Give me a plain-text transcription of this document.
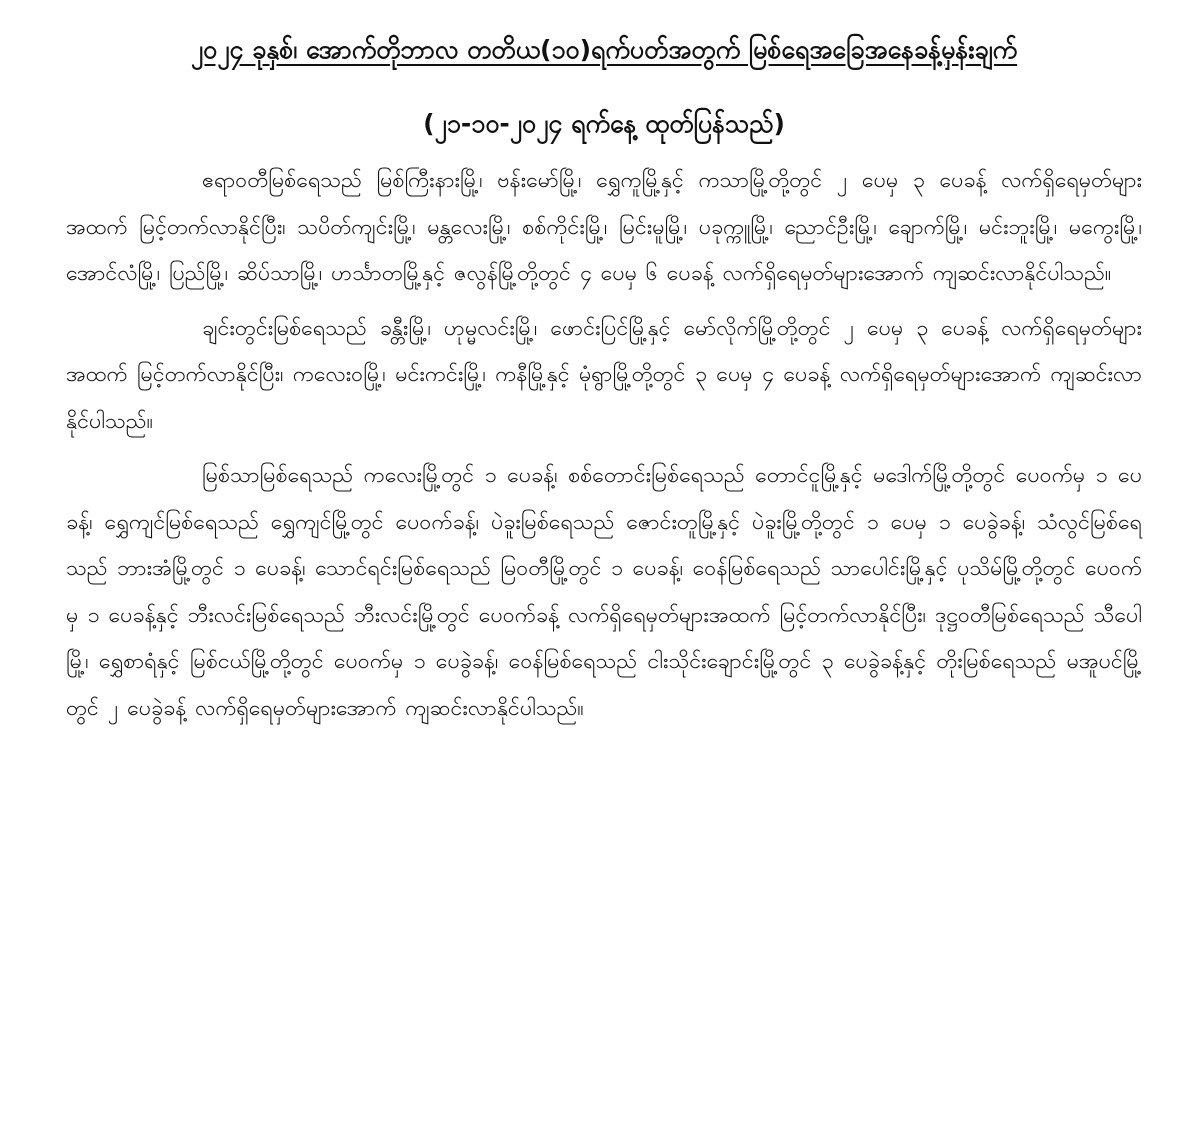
၂၀၂၄ ခုနှစ်၊ အောက်တိုဘာလ တတိယ(၁၀)ရက်ပတ်အတွက် မြစ်ရေအခြေအနေခန့်မှန်းချက်
(၂၁-၁၀-၂၀၂၄ ရက်နေ့ ထုတ်ပြန်သည်)

ဧရာဝတီမြစ်ရေသည် မြစ်ကြီးနားမြို့၊ ဗန်းမော်မြို့၊ ရွှေကူမြို့နှင့် ကသာမြို့တို့တွင် ၂ ပေမှ ၃ ပေခန့် လက်ရှိရေမှတ်များအထက် မြင့်တက်လာနိုင်ပြီး၊ သပိတ်ကျင်းမြို့၊ မန္တလေးမြို့၊ စစ်ကိုင်းမြို့၊ မြင်းမူမြို့၊ ပခုက္ကူမြို့၊ ညောင်ဦးမြို့၊ ချောက်မြို့၊ မင်းဘူးမြို့၊ မကွေးမြို့၊ အောင်လံမြို့၊ ပြည်မြို့၊ ဆိပ်သာမြို့၊ ဟင်္သာတမြို့နှင့် ဇလွန်မြို့တို့တွင် ၄ ပေမှ ၆ ပေခန့် လက်ရှိရေမှတ်များအောက် ကျဆင်းလာနိုင်ပါသည်။

ချင်းတွင်းမြစ်ရေသည် ခန္တီးမြို့၊ ဟုမ္မလင်းမြို့၊ ဖောင်းပြင်မြို့နှင့် မော်လိုက်မြို့တို့တွင် ၂ ပေမှ ၃ ပေခန့် လက်ရှိရေမှတ်များအထက် မြင့်တက်လာနိုင်ပြီး၊ ကလေးဝမြို့၊ မင်းကင်းမြို့၊ ကနီမြို့နှင့် မုံရွာမြို့တို့တွင် ၃ ပေမှ ၄ ပေခန့် လက်ရှိရေမှတ်များအောက် ကျဆင်းလာနိုင်ပါသည်။

မြစ်သာမြစ်ရေသည် ကလေးမြို့တွင် ၁ ပေခန့်၊ စစ်တောင်းမြစ်ရေသည် တောင်ငူမြို့နှင့် မဒေါက်မြို့တို့တွင် ပေဝက်မှ ၁ ပေခန့်၊ ရွှေကျင်မြစ်ရေသည် ရွှေကျင်မြို့တွင် ပေဝက်ခန့်၊ ပဲခူးမြစ်ရေသည် ဇောင်းတူမြို့နှင့် ပဲခူးမြို့တို့တွင် ၁ ပေမှ ၁ ပေခွဲခန့်၊ သံလွင်မြစ်ရေသည် ဘားအံမြို့တွင် ၁ ပေခန့်၊ သောင်ရင်းမြစ်ရေသည် မြဝတီမြို့တွင် ၁ ပေခန့်၊ ဝေန်မြစ်ရေသည် သာပေါင်းမြို့နှင့် ပုသိမ်မြို့တို့တွင် ပေဝက်မှ ၁ ပေခန့်နှင့် ဘီးလင်းမြစ်ရေသည် ဘီးလင်းမြို့တွင် ပေဝက်ခန့် လက်ရှိရေမှတ်များအထက် မြင့်တက်လာနိုင်ပြီး၊ ဒုဋ္ဌဝတီမြစ်ရေသည် သီပေါမြို့၊ ရွှေစာရံနှင့် မြစ်ငယ်မြို့တို့တွင် ပေဝက်မှ ၁ ပေခွဲခန့်၊ ဝေန်မြစ်ရေသည် ငါးသိုင်းချောင်းမြို့တွင် ၃ ပေခွဲခန့်နှင့် တိုးမြစ်ရေသည် မအူပင်မြို့တွင် ၂ ပေခွဲခန့် လက်ရှိရေမှတ်များအောက် ကျဆင်းလာနိုင်ပါသည်။
